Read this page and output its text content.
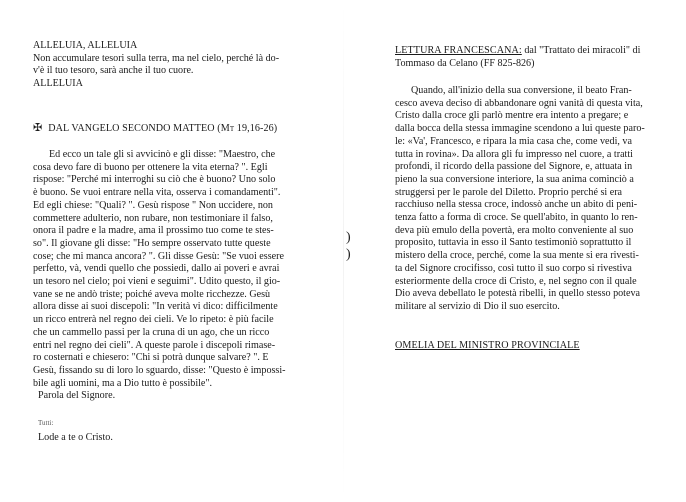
ALLELUIA, ALLELUIA
Non accumulare tesori sulla terra, ma nel cielo, perché là do-
v'è il tuo tesoro, sarà anche il tuo cuore.
ALLELUIA
✠ DAL VANGELO SECONDO MATTEO (Mt 19,16-26)
Ed ecco un tale gli si avvicinò e gli disse: "Maestro, che
cosa devo fare di buono per ottenere la vita eterna? ". Egli
rispose: "Perché mi interroghi su ciò che è buono? Uno solo
è buono. Se vuoi entrare nella vita, osserva i comandamenti".
Ed egli chiese: "Quali? ". Gesù rispose " Non uccidere, non
commettere adulterio, non rubare, non testimoniare il falso,
onora il padre e la madre, ama il prossimo tuo come te stes-
so". Il giovane gli disse: "Ho sempre osservato tutte queste
cose; che mi manca ancora? ". Gli disse Gesù: "Se vuoi essere
perfetto, và, vendi quello che possiedi, dallo ai poveri e avrai
un tesoro nel cielo; poi vieni e seguimi". Udito questo, il gio-
vane se ne andò triste; poiché aveva molte ricchezze. Gesù
allora disse ai suoi discepoli: "In verità vi dico: difficilmente
un ricco entrerà nel regno dei cieli. Ve lo ripeto: è più facile
che un cammello passi per la cruna di un ago, che un ricco
entri nel regno dei cieli". A queste parole i discepoli rimase-
ro costernati e chiesero: "Chi si potrà dunque salvare? ". E
Gesù, fissando su di loro lo sguardo, disse: "Questo è impossi-
bile agli uomini, ma a Dio tutto è possibile".
Parola del Signore.
Tutti:
Lode a te o Cristo.
)
)
LETTURA FRANCESCANA: dal "Trattato dei miracoli" di
Tommaso da Celano (FF 825-826)
Quando, all'inizio della sua conversione, il beato Fran-
cesco aveva deciso di abbandonare ogni vanità di questa vita,
Cristo dalla croce gli parlò mentre era intento a pregare; e
dalla bocca della stessa immagine scendono a lui queste paro-
le: «Va', Francesco, e ripara la mia casa che, come vedi, va
tutta in rovina». Da allora gli fu impresso nel cuore, a tratti
profondi, il ricordo della passione del Signore, e, attuata in
pieno la sua conversione interiore, la sua anima cominciò a
struggersi per le parole del Diletto. Proprio perché si era
racchiuso nella stessa croce, indossò anche un abito di peni-
tenza fatto a forma di croce. Se quell'abito, in quanto lo ren-
deva più emulo della povertà, era molto conveniente al suo
proposito, tuttavia in esso il Santo testimoniò soprattutto il
mistero della croce, perché, come la sua mente si era rivesti-
ta del Signore crocifisso, così tutto il suo corpo si rivestiva
esteriormente della croce di Cristo, e, nel segno con il quale
Dio aveva debellato le potestà ribelli, in quello stesso poteva
militare al servizio di Dio il suo esercito.
OMELIA DEL MINISTRO PROVINCIALE
